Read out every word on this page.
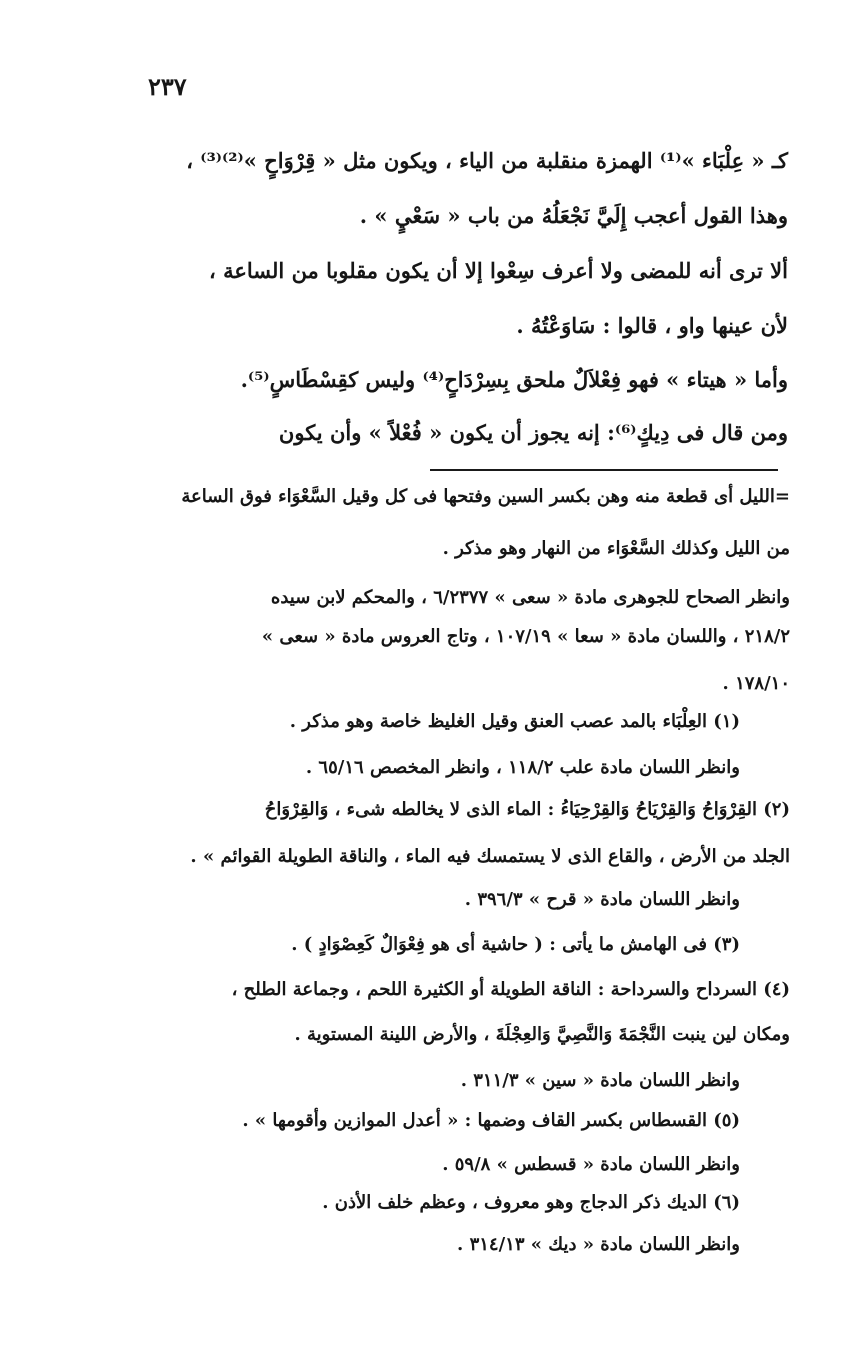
٢٣٧
كـ « عِلْبَاء »⁽¹⁾ الهمزة منقلبة من الياء ، ويكون مثل « قِرْوَاحٍ »⁽²⁾⁽³⁾ ،
وهذا القول أعجب إِلَيَّ نَجْعَلُهُ من باب « سَعْيٍ » .
ألا ترى أنه للمضى ولا أعرف سِعْوا إلا أن يكون مقلوبا من الساعة ،
لأن عينها واو ، قالوا : سَاوَعْتُهُ .
وأما « هيتاء » فهو فِعْلاَلٌ ملحق بِسِرْدَاحٍ⁽⁴⁾ وليس كقِسْطَاسٍ⁽⁵⁾.
ومن قال فى دِيكٍ⁽⁶⁾: إنه يجوز أن يكون « فُعْلاً » وأن يكون
=الليل أى قطعة منه وهن بكسر السين وفتحها فى كل وقيل السَّعْوَاء فوق الساعة
من الليل وكذلك السَّعْوَاء من النهار وهو مذكر .
وانظر الصحاح للجوهرى مادة « سعى » ٦/٢٣٧٧ ، والمحكم لابن سيده
٢١٨/٢ ، واللسان مادة « سعا » ١٠٧/١٩ ، وتاج العروس مادة « سعى »
١٧٨/١٠ .
(١) العِلْبَاء بالمد عصب العنق وقيل الغليظ خاصة وهو مذكر .
وانظر اللسان مادة علب ١١٨/٢ ، وانظر المخصص ٦٥/١٦ .
(٢) القِرْوَاحُ وَالقِرْيَاحُ وَالقِرْحِيَاءُ : الماء الذى لا يخالطه شىء ، وَالقِرْوَاحُ
الجلد من الأرض ، والقاع الذى لا يستمسك فيه الماء ، والناقة الطويلة القوائم » .
وانظر اللسان مادة « قرح » ٣٩٦/٣ .
(٣) فى الهامش ما يأتى : ( حاشية أى هو فِعْوَالٌ كَعِصْوَادٍ ) .
(٤) السرداح والسرداحة : الناقة الطويلة أو الكثيرة اللحم ، وجماعة الطلح ،
ومكان لين ينبت النَّجْمَةَ وَالنَّصِيَّ وَالعِجْلَةَ ، والأرض اللينة المستوية .
وانظر اللسان مادة « سين » ٣١١/٣ .
(٥) القسطاس بكسر القاف وضمها : « أعدل الموازين وأقومها » .
وانظر اللسان مادة « قسطس » ٥٩/٨ .
(٦) الديك ذكر الدجاج وهو معروف ، وعظم خلف الأذن .
وانظر اللسان مادة « ديك » ٣١٤/١٣ .
